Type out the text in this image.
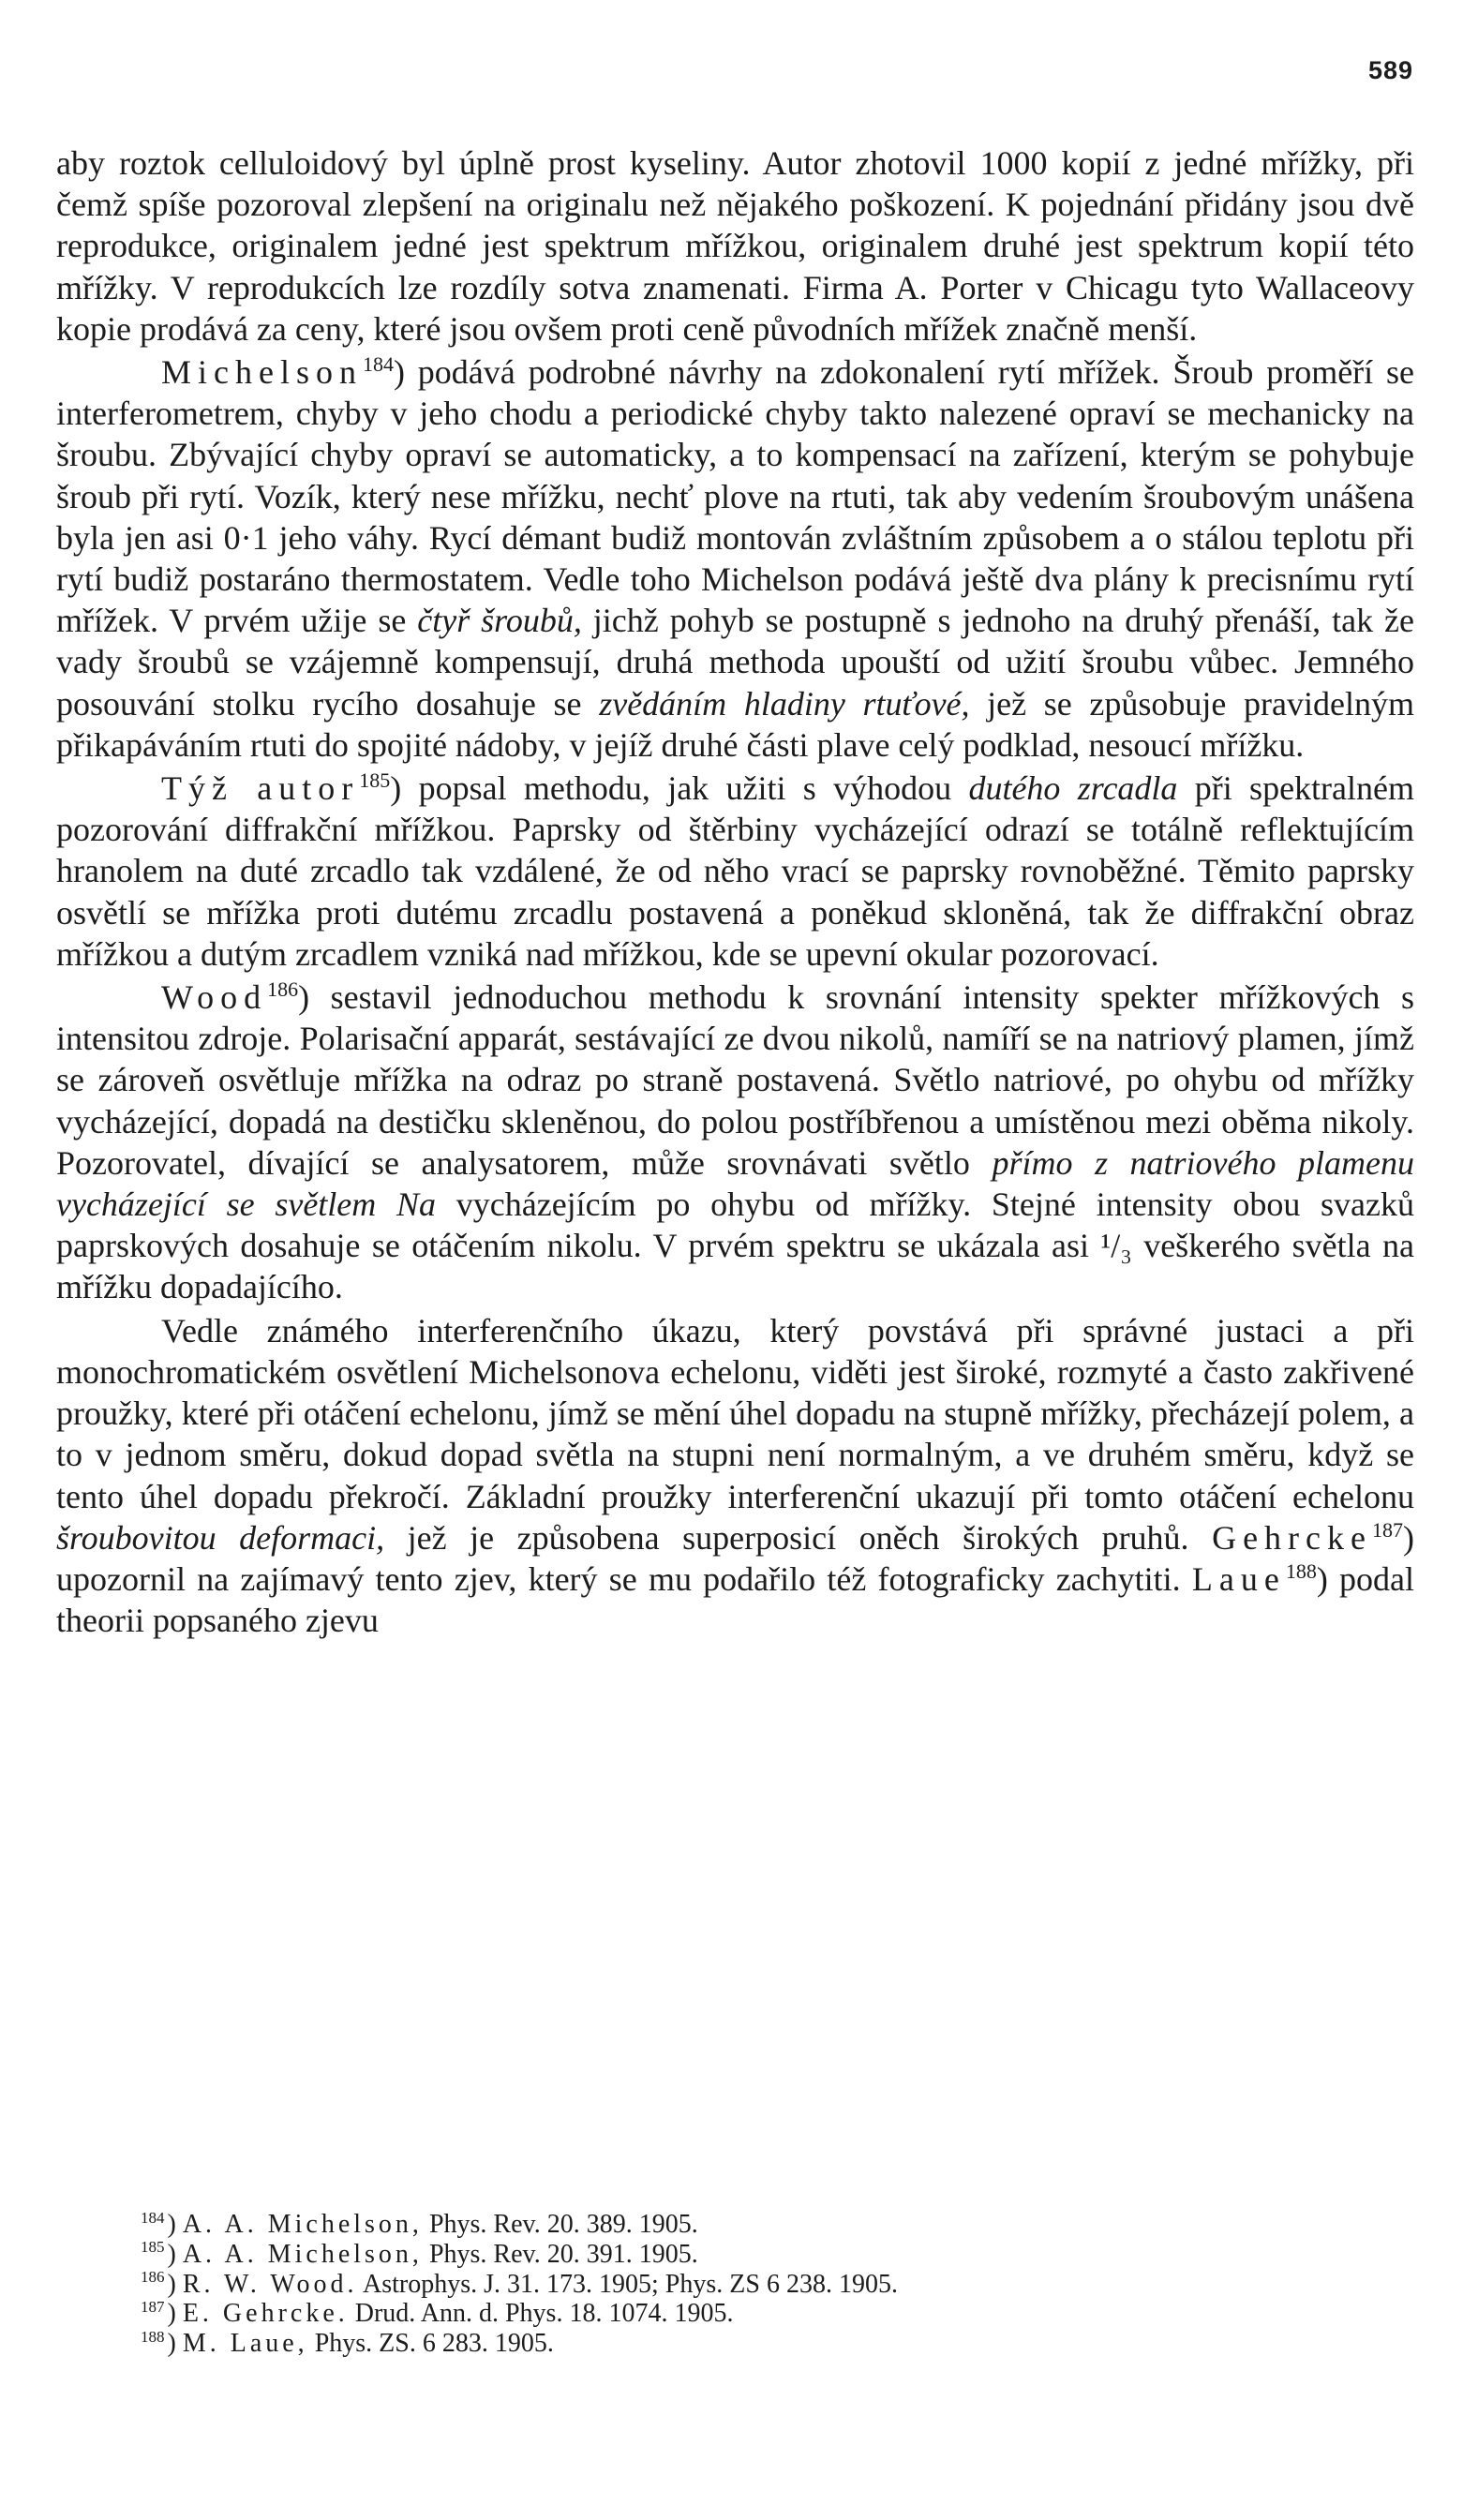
589

aby roztok celluloidový byl úplně prost kyseliny. Autor zhotovil 1000 kopií z jedné mřížky, při čemž spíše pozoroval zlepšení na originalu než nějakého poškození. K pojednání přidány jsou dvě reprodukce, originalem jedné jest spektrum mřížkou, originalem druhé jest spektrum kopií této mřížky. V reprodukcích lze rozdíly sotva znamenati. Firma A. Porter v Chicagu tyto Wallaceovy kopie prodává za ceny, které jsou ovšem proti ceně původních mřížek značně menší.

Michelson$^{184}$) podává podrobné návrhy na zdokonalení rytí mřížek. Šroub proměří se interferometrem, chyby v jeho chodu a periodické chyby takto nalezené opraví se mechanicky na šroubu. Zbývající chyby opraví se automaticky, a to kompensací na zařízení, kterým se pohybuje šroub při rytí. Vozík, který nese mřížku, nechť plove na rtuti, tak aby vedením šroubovým unášena byla jen asi 0·1 jeho váhy. Rycí démant budiž montován zvláštním způsobem a o stálou teplotu při rytí budiž postaráno thermostatem. Vedle toho Michelson podává ještě dva plány k precisnímu rytí mřížek. V prvém užije se čtyř šroubů, jichž pohyb se postupně s jednoho na druhý přenáší, tak že vady šroubů se vzájemně kompensují, druhá methoda upouští od užití šroubu vůbec. Jemného posouvání stolku rycího dosahuje se zvědáním hladiny rtuťové, jež se způsobuje pravidelným přikapáváním rtuti do spojité nádoby, v jejíž druhé části plave celý podklad, nesoucí mřížku.

Týž autor$^{185}$) popsal methodu, jak užiti s výhodou dutého zrcadla při spektralném pozorování diffrakční mřížkou. Paprsky od štěrbiny vycházející odrazí se totálně reflektujícím hranolem na duté zrcadlo tak vzdálené, že od něho vrací se paprsky rovnoběžné. Těmito paprsky osvětlí se mřížka proti dutému zrcadlu postavená a poněkud skloněná, tak že diffrakční obraz mřížkou a dutým zrcadlem vzniká nad mřížkou, kde se upevní okular pozorovací.

Wood$^{186}$) sestavil jednoduchou methodu k srovnání intensity spekter mřížkových s intensitou zdroje. Polarisační apparát, sestávající ze dvou nikolů, namíří se na natriový plamen, jímž se zároveň osvětluje mřížka na odraz po straně postavená. Světlo natriové, po ohybu od mřížky vycházející, dopadá na destičku skleněnou, do polou postříbřenou a umístěnou mezi oběma nikoly. Pozorovatel, dívající se analysatorem, může srovnávati světlo přímo z natriového plamenu vycházející se světlem Na vycházejícím po ohybu od mřížky. Stejné intensity obou svazků paprskových dosahuje se otáčením nikolu. V prvém spektru se ukázala asi ¹/₃ veškerého světla na mřížku dopadajícího.

Vedle známého interferenčního úkazu, který povstává při správné justaci a při monochromatickém osvětlení Michelsonova echelonu, viděti jest široké, rozmyté a často zakřivené proužky, které při otáčení echelonu, jímž se mění úhel dopadu na stupně mřížky, přecházejí polem, a to v jednom směru, dokud dopad světla na stupni není normalným, a ve druhém směru, když se tento úhel dopadu překročí. Základní proužky interferenční ukazují při tomto otáčení echelonu šroubovitou deformaci, jež je způsobena superposicí oněch širokých pruhů. Gehrcke$^{187}$) upozornil na zajímavý tento zjev, který se mu podařilo též fotograficky zachytiti. Laue$^{188}$) podal theorii popsaného zjevu

$^{184}$ ) A. A. Michelson, Phys. Rev. 20. 389. 1905.
$^{185}$ ) A. A. Michelson, Phys. Rev. 20. 391. 1905.
$^{186}$ ) R. W. Wood. Astrophys. J. 31. 173. 1905; Phys. ZS 6 238. 1905.
$^{187}$ ) E. Gehrcke. Drud. Ann. d. Phys. 18. 1074. 1905.
$^{188}$ ) M. Laue, Phys. ZS. 6 283. 1905.
